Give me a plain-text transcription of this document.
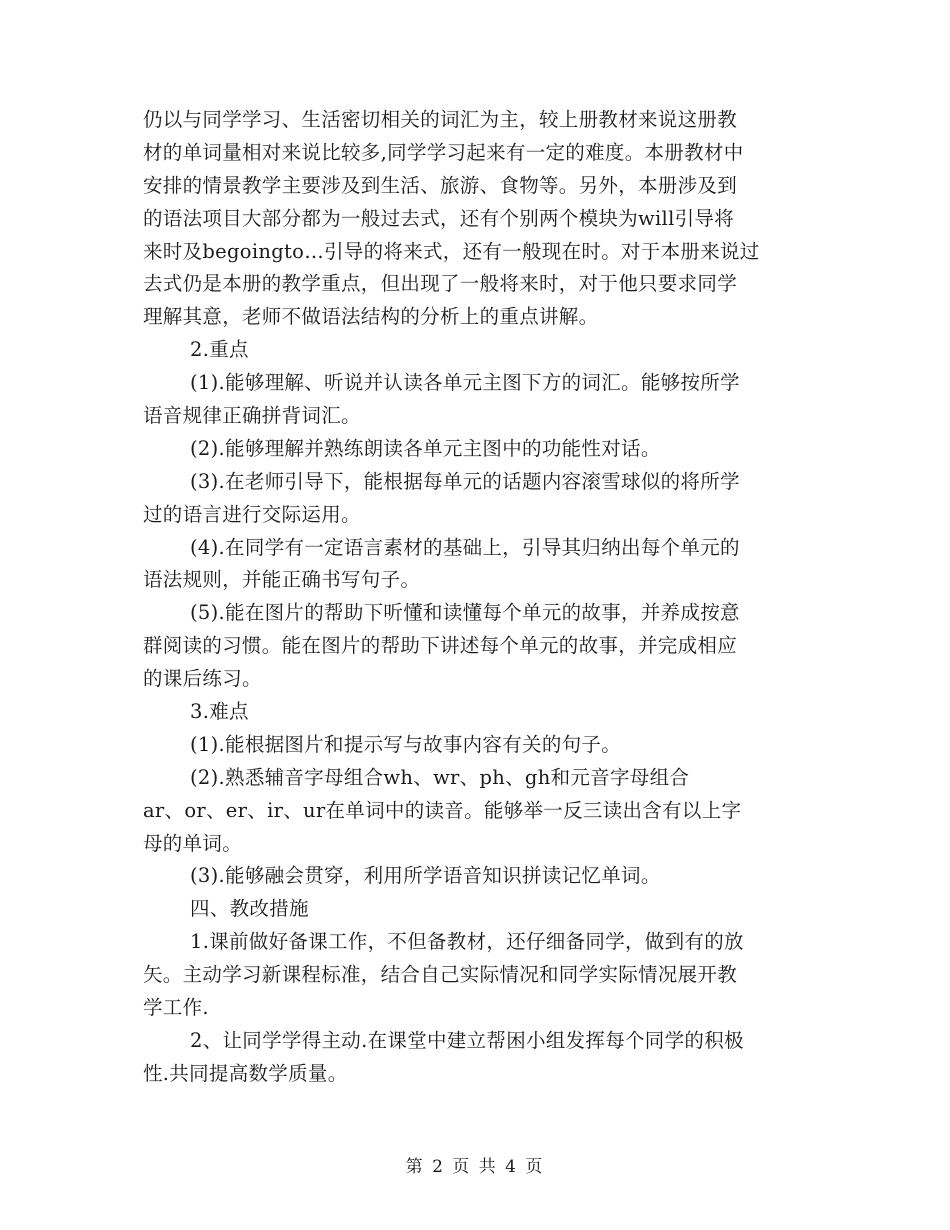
仍以与同学学习、生活密切相关的词汇为主，较上册教材来说这册教
材的单词量相对来说比较多,同学学习起来有一定的难度。本册教材中
安排的情景教学主要涉及到生活、旅游、食物等。另外，本册涉及到
的语法项目大部分都为一般过去式，还有个别两个模块为will引导将
来时及begoingto…引导的将来式，还有一般现在时。对于本册来说过
去式仍是本册的教学重点，但出现了一般将来时，对于他只要求同学
理解其意，老师不做语法结构的分析上的重点讲解。
2.重点
(1).能够理解、听说并认读各单元主图下方的词汇。能够按所学
语音规律正确拼背词汇。
(2).能够理解并熟练朗读各单元主图中的功能性对话。
(3).在老师引导下，能根据每单元的话题内容滚雪球似的将所学
过的语言进行交际运用。
(4).在同学有一定语言素材的基础上，引导其归纳出每个单元的
语法规则，并能正确书写句子。
(5).能在图片的帮助下听懂和读懂每个单元的故事，并养成按意
群阅读的习惯。能在图片的帮助下讲述每个单元的故事，并完成相应
的课后练习。
3.难点
(1).能根据图片和提示写与故事内容有关的句子。
(2).熟悉辅音字母组合wh、wr、ph、gh和元音字母组合
ar、or、er、ir、ur在单词中的读音。能够举一反三读出含有以上字
母的单词。
(3).能够融会贯穿，利用所学语音知识拼读记忆单词。
四、教改措施
1.课前做好备课工作，不但备教材，还仔细备同学，做到有的放
矢。主动学习新课程标准，结合自己实际情况和同学实际情况展开教
学工作.
2、让同学学得主动.在课堂中建立帮困小组发挥每个同学的积极
性.共同提高数学质量。
第 2 页 共 4 页
